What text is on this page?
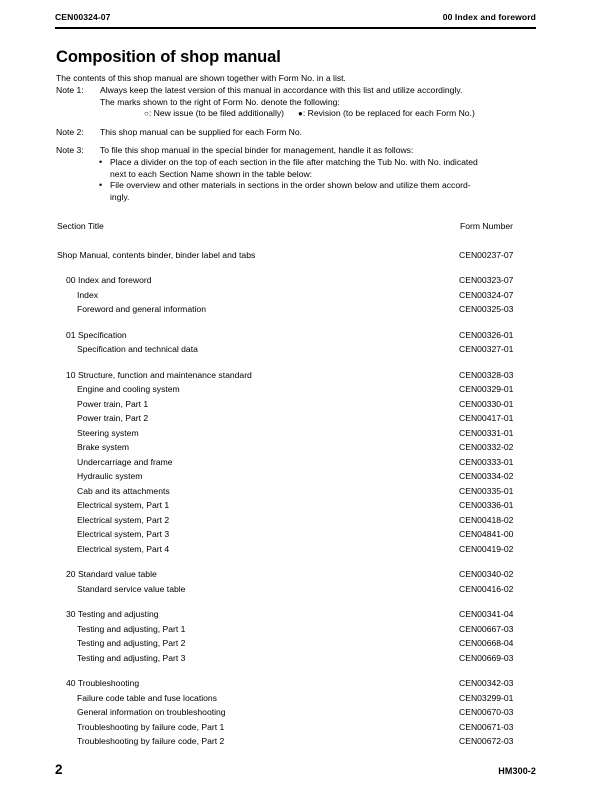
CEN00324-07	00 Index and foreword
Composition of shop manual

The contents of this shop manual are shown together with Form No. in a list.

Note 1:	Always keep the latest version of this manual in accordance with this list and utilize accordingly.
The marks shown to the right of Form No. denote the following:
○: New issue (to be filed additionally) ●: Revision (to be replaced for each Form No.)
Note 2:	This shop manual can be supplied for each Form No.
Note 3:	To file this shop manual in the special binder for management, handle it as follows:
• Place a divider on the top of each section in the file after matching the Tub No. with No. indicated
next to each Section Name shown in the table below:
• File overview and other materials in sections in the order shown below and utilize them accord-
ingly.
Section Title	Form Number
Shop Manual, contents binder, binder label and tabs	CEN00237-07
00 Index and foreword	CEN00323-07
Index	CEN00324-07
Foreword and general information	CEN00325-03
01 Specification	CEN00326-01
Specification and technical data	CEN00327-01
10 Structure, function and maintenance standard	CEN00328-03
Engine and cooling system	CEN00329-01
Power train, Part 1	CEN00330-01
Power train, Part 2	CEN00417-01
Steering system	CEN00331-01
Brake system	CEN00332-02
Undercarriage and frame	CEN00333-01
Hydraulic system	CEN00334-02
Cab and its attachments	CEN00335-01
Electrical system, Part 1	CEN00336-01
Electrical system, Part 2	CEN00418-02
Electrical system, Part 3	CEN04841-00
Electrical system, Part 4	CEN00419-02
20 Standard value table	CEN00340-02
Standard service value table	CEN00416-02
30 Testing and adjusting	CEN00341-04
Testing and adjusting, Part 1	CEN00667-03
Testing and adjusting, Part 2	CEN00668-04
Testing and adjusting, Part 3	CEN00669-03
40 Troubleshooting	CEN00342-03
Failure code table and fuse locations	CEN03299-01
General information on troubleshooting	CEN00670-03
Troubleshooting by failure code, Part 1	CEN00671-03
Troubleshooting by failure code, Part 2	CEN00672-03
2	HM300-2
